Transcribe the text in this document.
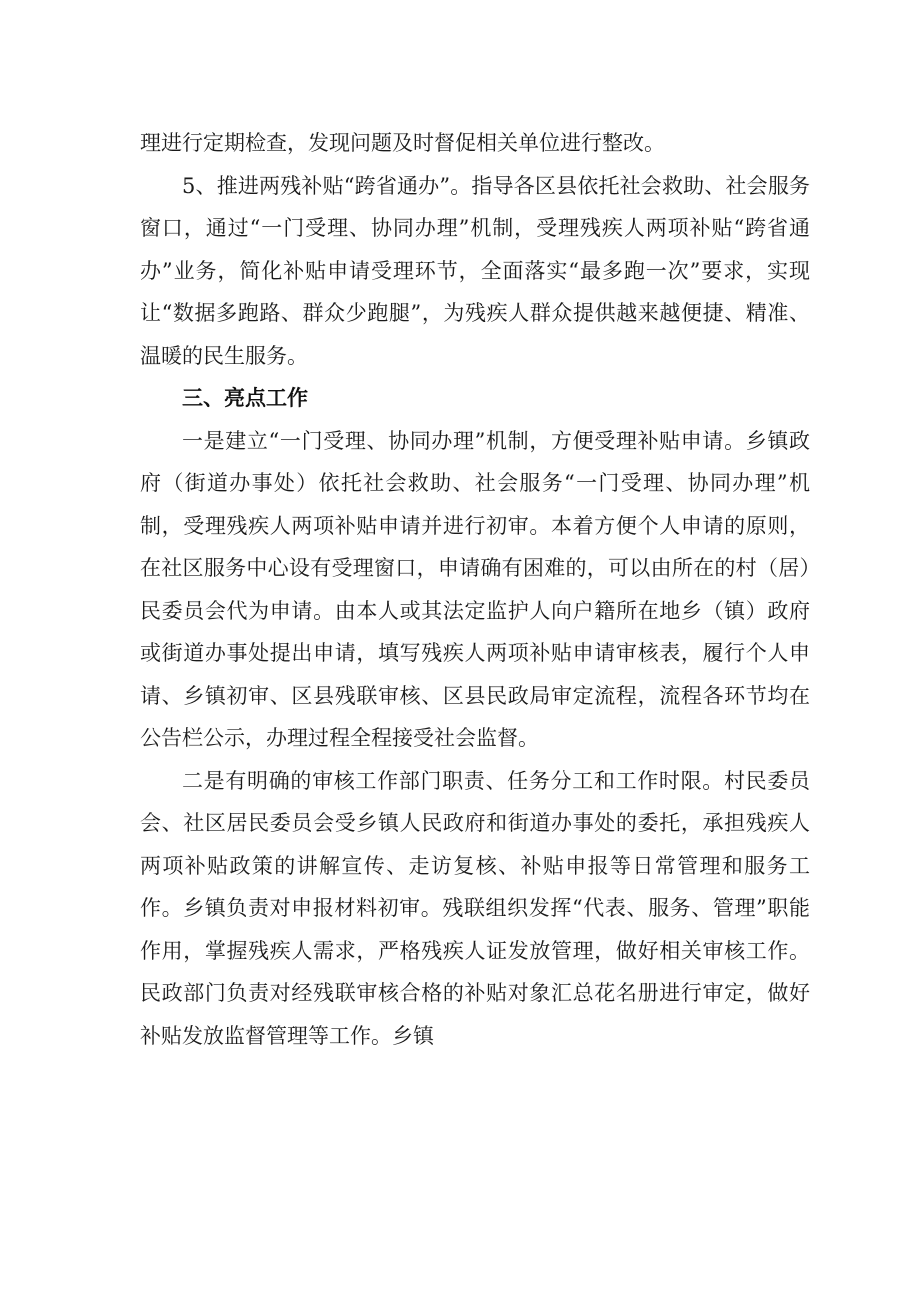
理进行定期检查，发现问题及时督促相关单位进行整改。

5、推进两残补贴“跨省通办”。指导各区县依托社会救助、社会服务窗口，通过“一门受理、协同办理”机制，受理残疾人两项补贴“跨省通办”业务，简化补贴申请受理环节，全面落实“最多跑一次”要求，实现让“数据多跑路、群众少跑腿”，为残疾人群众提供越来越便捷、精准、温暖的民生服务。

三、亮点工作

一是建立“一门受理、协同办理”机制，方便受理补贴申请。乡镇政府（街道办事处）依托社会救助、社会服务“一门受理、协同办理”机制，受理残疾人两项补贴申请并进行初审。本着方便个人申请的原则，在社区服务中心设有受理窗口，申请确有困难的，可以由所在的村（居）民委员会代为申请。由本人或其法定监护人向户籍所在地乡（镇）政府或街道办事处提出申请，填写残疾人两项补贴申请审核表，履行个人申请、乡镇初审、区县残联审核、区县民政局审定流程，流程各环节均在公告栏公示，办理过程全程接受社会监督。

二是有明确的审核工作部门职责、任务分工和工作时限。村民委员会、社区居民委员会受乡镇人民政府和街道办事处的委托，承担残疾人两项补贴政策的讲解宣传、走访复核、补贴申报等日常管理和服务工作。乡镇负责对申报材料初审。残联组织发挥“代表、服务、管理”职能作用，掌握残疾人需求，严格残疾人证发放管理，做好相关审核工作。民政部门负责对经残联审核合格的补贴对象汇总花名册进行审定，做好补贴发放监督管理等工作。乡镇
